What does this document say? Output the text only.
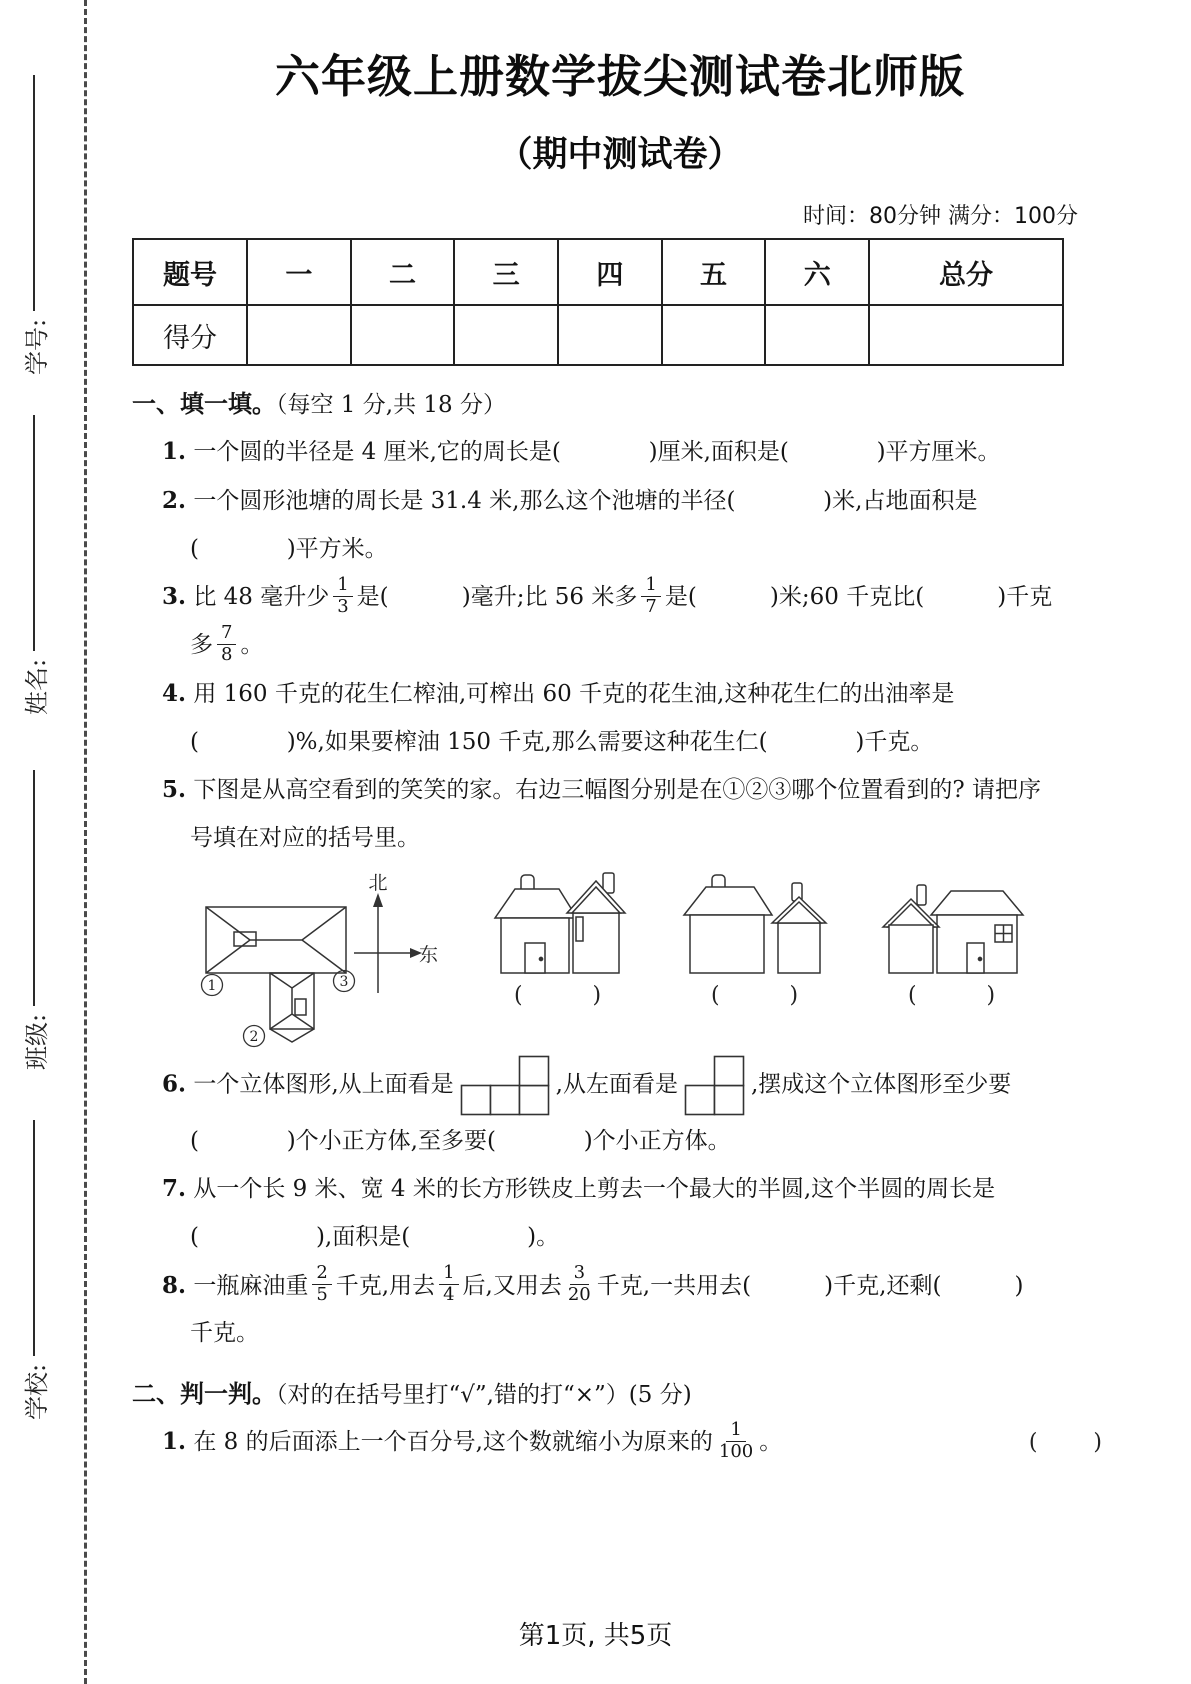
学号:
姓名:
班级:
学校:
六年级上册数学拔尖测试卷北师版
（期中测试卷）
时间：80分钟 满分：100分
题号	一	二	三	四	五	六	总分
得分							
一、填一填。（每空 1 分,共 18 分）
1. 一个圆的半径是 4 厘米,它的周长是(            )厘米,面积是(            )平方厘米。
2. 一个圆形池塘的周长是 31.4 米,那么这个池塘的半径(            )米,占地面积是
(            )平方米。
3. 比 48 毫升少 $\frac{1}{3}$ 是(          )毫升;比 56 米多 $\frac{1}{7}$ 是(          )米;60 千克比(          )千克
多 $\frac{7}{8}$ 。
4. 用 160 千克的花生仁榨油,可榨出 60 千克的花生油,这种花生仁的出油率是
(            )%,如果要榨油 150 千克,那么需要这种花生仁(            )千克。
5. 下图是从高空看到的笑笑的家。右边三幅图分别是在①②③哪个位置看到的? 请把序
号填在对应的括号里。
北
东
1
2
3
(          )	(          )	(          )
6. 一个立体图形,从上面看是	,从左面看是	,摆成这个立体图形至少要
(            )个小正方体,至多要(            )个小正方体。
7. 从一个长 9 米、宽 4 米的长方形铁皮上剪去一个最大的半圆,这个半圆的周长是
(                ),面积是(                )。
8. 一瓶麻油重 $\frac{2}{5}$ 千克,用去 $\frac{1}{4}$ 后,又用去 $\frac{3}{20}$ 千克,一共用去(          )千克,还剩(          )
千克。
二、判一判。（对的在括号里打“√”,错的打“×”）(5 分)
1. 在 8 的后面添上一个百分号,这个数就缩小为原来的 $\frac{1}{100}$ 。	(        )
第1页, 共5页
